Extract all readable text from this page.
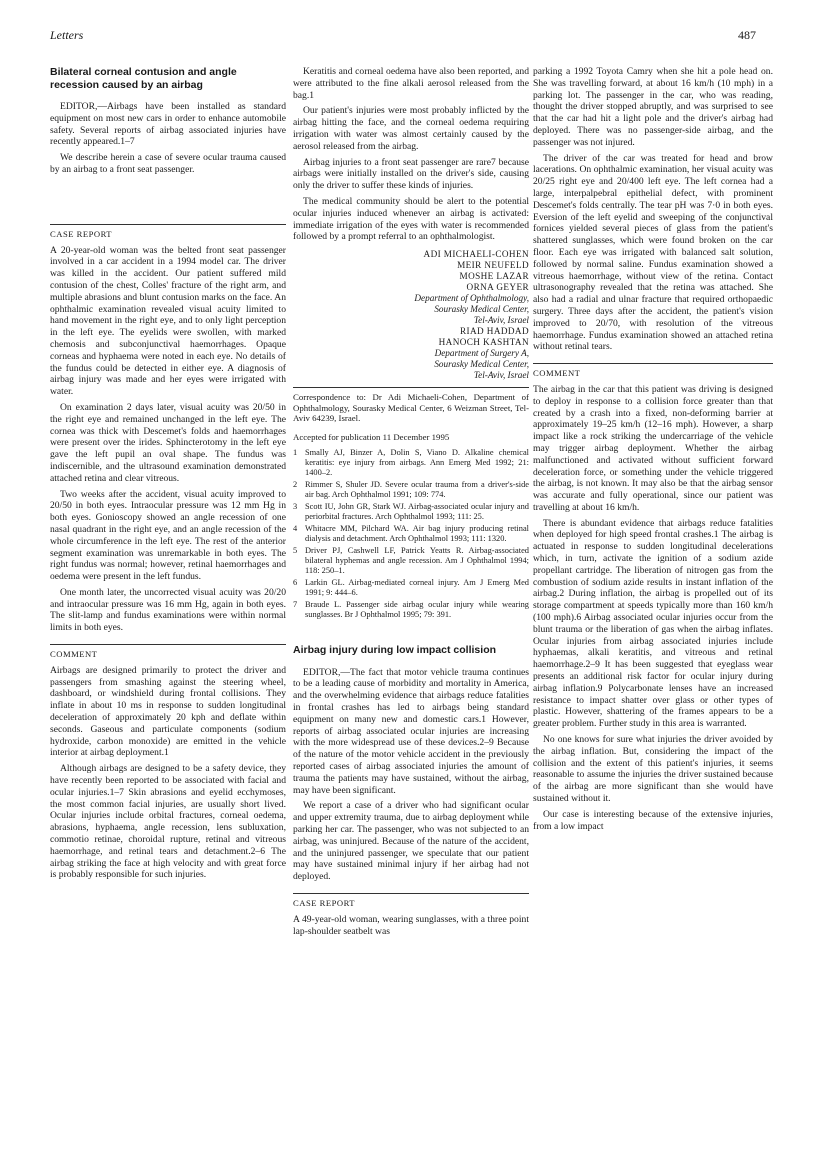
Letters	487
Bilateral corneal contusion and angle recession caused by an airbag

EDITOR,—Airbags have been installed as standard equipment on most new cars in order to enhance automobile safety. Several reports of airbag associated injuries have recently appeared.1–7

We describe herein a case of severe ocular trauma caused by an airbag to a front seat passenger.

CASE REPORT

A 20-year-old woman was the belted front seat passenger involved in a car accident in a 1994 model car. The driver was killed in the accident. Our patient suffered mild contusion of the chest, Colles' fracture of the right arm, and multiple abrasions and blunt contusion marks on the face. An ophthalmic examination revealed visual acuity limited to hand movement in the right eye, and to only light perception in the left eye. The eyelids were swollen, with marked chemosis and subconjunctival haemorrhages. Opaque corneas and hyphaema were noted in each eye. No details of the fundus could be detected in either eye. A diagnosis of airbag injury was made and her eyes were irrigated with water.

On examination 2 days later, visual acuity was 20/50 in the right eye and remained unchanged in the left eye. The cornea was thick with Descemet's folds and haemorrhages were present over the irides. Sphincterotomy in the left eye gave the left pupil an oval shape. The fundus was indiscernible, and the ultrasound examination demonstrated attached retina and clear vitreous.

Two weeks after the accident, visual acuity improved to 20/50 in both eyes. Intraocular pressure was 12 mm Hg in both eyes. Gonioscopy showed an angle recession of one nasal quadrant in the right eye, and an angle recession of the whole circumference in the left eye. The rest of the anterior segment examination was unremarkable in both eyes. The right fundus was normal; however, retinal haemorrhages and oedema were present in the left fundus.

One month later, the uncorrected visual acuity was 20/20 and intraocular pressure was 16 mm Hg, again in both eyes. The slit-lamp and fundus examinations were within normal limits in both eyes.

COMMENT

Airbags are designed primarily to protect the driver and passengers from smashing against the steering wheel, dashboard, or windshield during frontal collisions. They inflate in about 10 ms in response to sudden longitudinal deceleration of approximately 20 kph and deflate within seconds. Gaseous and particulate components (sodium hydroxide, carbon monoxide) are emitted in the vehicle interior at airbag deployment.1

Although airbags are designed to be a safety device, they have recently been reported to be associated with facial and ocular injuries.1–7 Skin abrasions and eyelid ecchymoses, the most common facial injuries, are usually short lived. Ocular injuries include orbital fractures, corneal oedema, abrasions, hyphaema, angle recession, lens subluxation, commotio retinae, choroidal rupture, retinal and vitreous haemorrhage, and retinal tears and detachment.2–6 The airbag striking the face at high velocity and with great force is probably responsible for such injuries.

Keratitis and corneal oedema have also been reported, and were attributed to the fine alkali aerosol released from the bag.1

Our patient's injuries were most probably inflicted by the airbag hitting the face, and the corneal oedema requiring irrigation with water was almost certainly caused by the aerosol released from the airbag.

Airbag injuries to a front seat passenger are rare7 because airbags were initially installed on the driver's side, causing only the driver to suffer these kinds of injuries.

The medical community should be alert to the potential ocular injuries induced whenever an airbag is activated: immediate irrigation of the eyes with water is recommended followed by a prompt referral to an ophthalmologist.

ADI MICHAELI-COHEN
MEIR NEUFELD
MOSHE LAZAR
ORNA GEYER
Department of Ophthalmology,
Sourasky Medical Center,
Tel-Aviv, Israel
RIAD HADDAD
HANOCH KASHTAN
Department of Surgery A,
Sourasky Medical Center,
Tel-Aviv, Israel
Correspondence to: Dr Adi Michaeli-Cohen, Department of Ophthalmology, Sourasky Medical Center, 6 Weizman Street, Tel-Aviv 64239, Israel.
Accepted for publication 11 December 1995
1 Smally AJ, Binzer A, Dolin S, Viano D. Alkaline chemical keratitis: eye injury from airbags. Ann Emerg Med 1992; 21: 1400–2.
2 Rimmer S, Shuler JD. Severe ocular trauma from a driver's-side air bag. Arch Ophthalmol 1991; 109: 774.
3 Scott IU, John GR, Stark WJ. Airbag-associated ocular injury and periorbital fractures. Arch Ophthalmol 1993; 111: 25.
4 Whitacre MM, Pilchard WA. Air bag injury producing retinal dialysis and detachment. Arch Ophthalmol 1993; 111: 1320.
5 Driver PJ, Cashwell LF, Patrick Yeatts R. Airbag-associated bilateral hyphemas and angle recession. Am J Ophthalmol 1994; 118: 250–1.
6 Larkin GL. Airbag-mediated corneal injury. Am J Emerg Med 1991; 9: 444–6.
7 Braude L. Passenger side airbag ocular injury while wearing sunglasses. Br J Ophthalmol 1995; 79: 391.
Airbag injury during low impact collision

EDITOR,—The fact that motor vehicle trauma continues to be a leading cause of morbidity and mortality in America, and the overwhelming evidence that airbags reduce fatalities in frontal crashes has led to airbags being standard equipment on many new and domestic cars.1 However, reports of airbag associated ocular injuries are increasing with the more widespread use of these devices.2–9 Because of the nature of the motor vehicle accident in the previously reported cases of airbag associated injuries the amount of trauma the patients may have sustained, without the airbag, may have been significant.

We report a case of a driver who had significant ocular and upper extremity trauma, due to airbag deployment while parking her car. The passenger, who was not subjected to an airbag, was uninjured. Because of the nature of the accident, and the uninjured passenger, we speculate that our patient may have sustained minimal injury if her airbag had not deployed.

CASE REPORT

A 49-year-old woman, wearing sunglasses, with a three point lap-shoulder seatbelt was

parking a 1992 Toyota Camry when she hit a pole head on. She was travelling forward, at about 16 km/h (10 mph) in a parking lot. The passenger in the car, who was reading, thought the driver stopped abruptly, and was surprised to see that the car had hit a light pole and the driver's airbag had deployed. There was no passenger-side airbag, and the passenger was not injured.

The driver of the car was treated for head and brow lacerations. On ophthalmic examination, her visual acuity was 20/25 right eye and 20/400 left eye. The left cornea had a large, interpalpebral epithelial defect, with prominent Descemet's folds centrally. The tear pH was 7·0 in both eyes. Eversion of the left eyelid and sweeping of the conjunctival fornices yielded several pieces of glass from the patient's shattered sunglasses, which were found broken on the car floor. Each eye was irrigated with balanced salt solution, followed by normal saline. Fundus examination showed a vitreous haemorrhage, without view of the retina. Contact ultrasonography revealed that the retina was attached. She also had a radial and ulnar fracture that required orthopaedic surgery. Three days after the accident, the patient's vision improved to 20/70, with resolution of the vitreous haemorrhage. Fundus examination showed an attached retina without retinal tears.

COMMENT

The airbag in the car that this patient was driving is designed to deploy in response to a collision force greater than that created by a crash into a fixed, non-deforming barrier at approximately 19–25 km/h (12–16 mph). However, a sharp impact like a rock striking the undercarriage of the vehicle may trigger airbag deployment. Whether the airbag malfunctioned and activated without sufficient forward deceleration force, or something under the vehicle triggered the airbag, is not known. It may also be that the airbag sensor was accurate and fully operational, since our patient was travelling at about 16 km/h.

There is abundant evidence that airbags reduce fatalities when deployed for high speed frontal crashes.1 The airbag is actuated in response to sudden longitudinal decelerations which, in turn, activate the ignition of a sodium azide propellant cartridge. The liberation of nitrogen gas from the combustion of sodium azide results in instant inflation of the airbag.2 During inflation, the airbag is propelled out of its storage compartment at speeds typically more than 160 km/h (100 mph).6 Airbag associated ocular injuries occur from the blunt trauma or the liberation of gas when the airbag inflates. Ocular injuries from airbag associated injuries include hyphaemas, alkali keratitis, and vitreous and retinal haemorrhage.2–9 It has been suggested that eyeglass wear presents an additional risk factor for ocular injury during airbag inflation.9 Polycarbonate lenses have an increased resistance to impact shatter over glass or other types of plastic. However, shattering of the frames appears to be a greater problem. Further study in this area is warranted.

No one knows for sure what injuries the driver avoided by the airbag inflation. But, considering the impact of the collision and the extent of this patient's injuries, it seems reasonable to assume the injuries the driver sustained because of the airbag are more significant than she would have sustained without it.

Our case is interesting because of the extensive injuries, from a low impact
